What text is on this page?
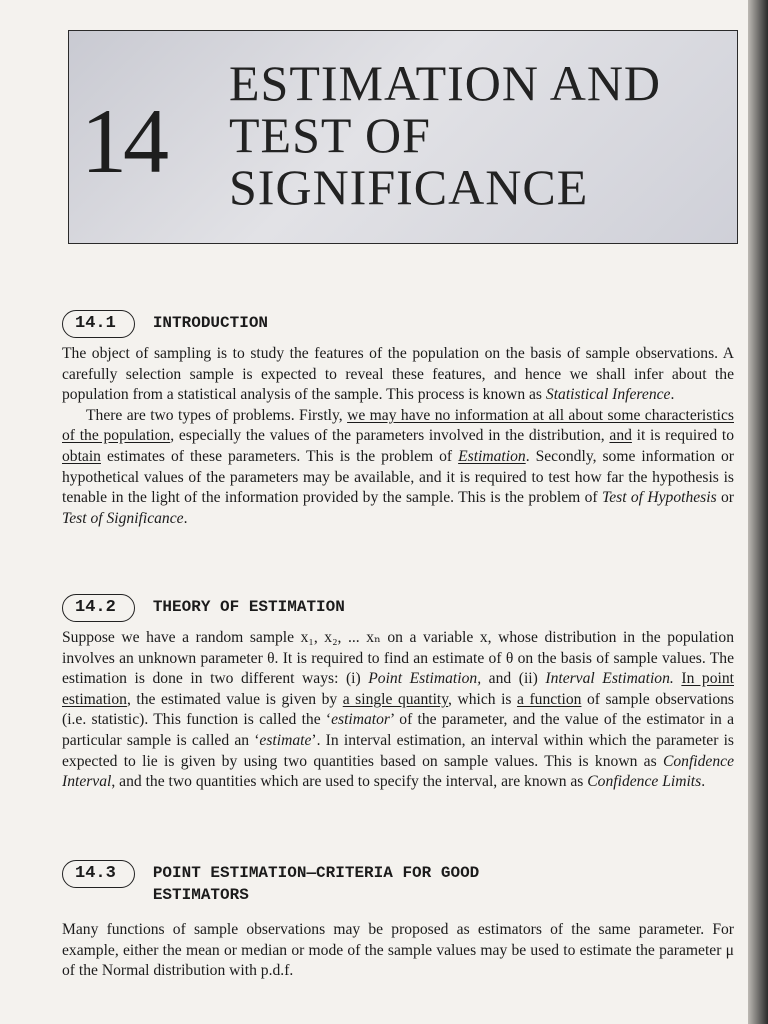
14
ESTIMATION AND
TEST OF
SIGNIFICANCE
14.1	INTRODUCTION

The object of sampling is to study the features of the population on the basis of sample observations. A carefully selection sample is expected to reveal these features, and hence we shall infer about the population from a statistical analysis of the sample. This process is known as Statistical Inference.

There are two types of problems. Firstly, we may have no information at all about some characteristics of the population, especially the values of the parameters involved in the distribution, and it is required to obtain estimates of these parameters. This is the problem of Estimation. Secondly, some information or hypothetical values of the parameters may be available, and it is required to test how far the hypothesis is tenable in the light of the information provided by the sample. This is the problem of Test of Hypothesis or Test of Significance.

14.2	THEORY OF ESTIMATION

Suppose we have a random sample x₁, x₂, ... xₙ on a variable x, whose distribution in the population involves an unknown parameter θ. It is required to find an estimate of θ on the basis of sample values. The estimation is done in two different ways: (i) Point Estimation, and (ii) Interval Estimation. In point estimation, the estimated value is given by a single quantity, which is a function of sample observations (i.e. statistic). This function is called the ‘estimator’ of the parameter, and the value of the estimator in a particular sample is called an ‘estimate’. In interval estimation, an interval within which the parameter is expected to lie is given by using two quantities based on sample values. This is known as Confidence Interval, and the two quantities which are used to specify the interval, are known as Confidence Limits.

14.3	POINT ESTIMATION—CRITERIA FOR GOOD
ESTIMATORS

Many functions of sample observations may be proposed as estimators of the same parameter. For example, either the mean or median or mode of the sample values may be used to estimate the parameter μ of the Normal distribution with p.d.f.
